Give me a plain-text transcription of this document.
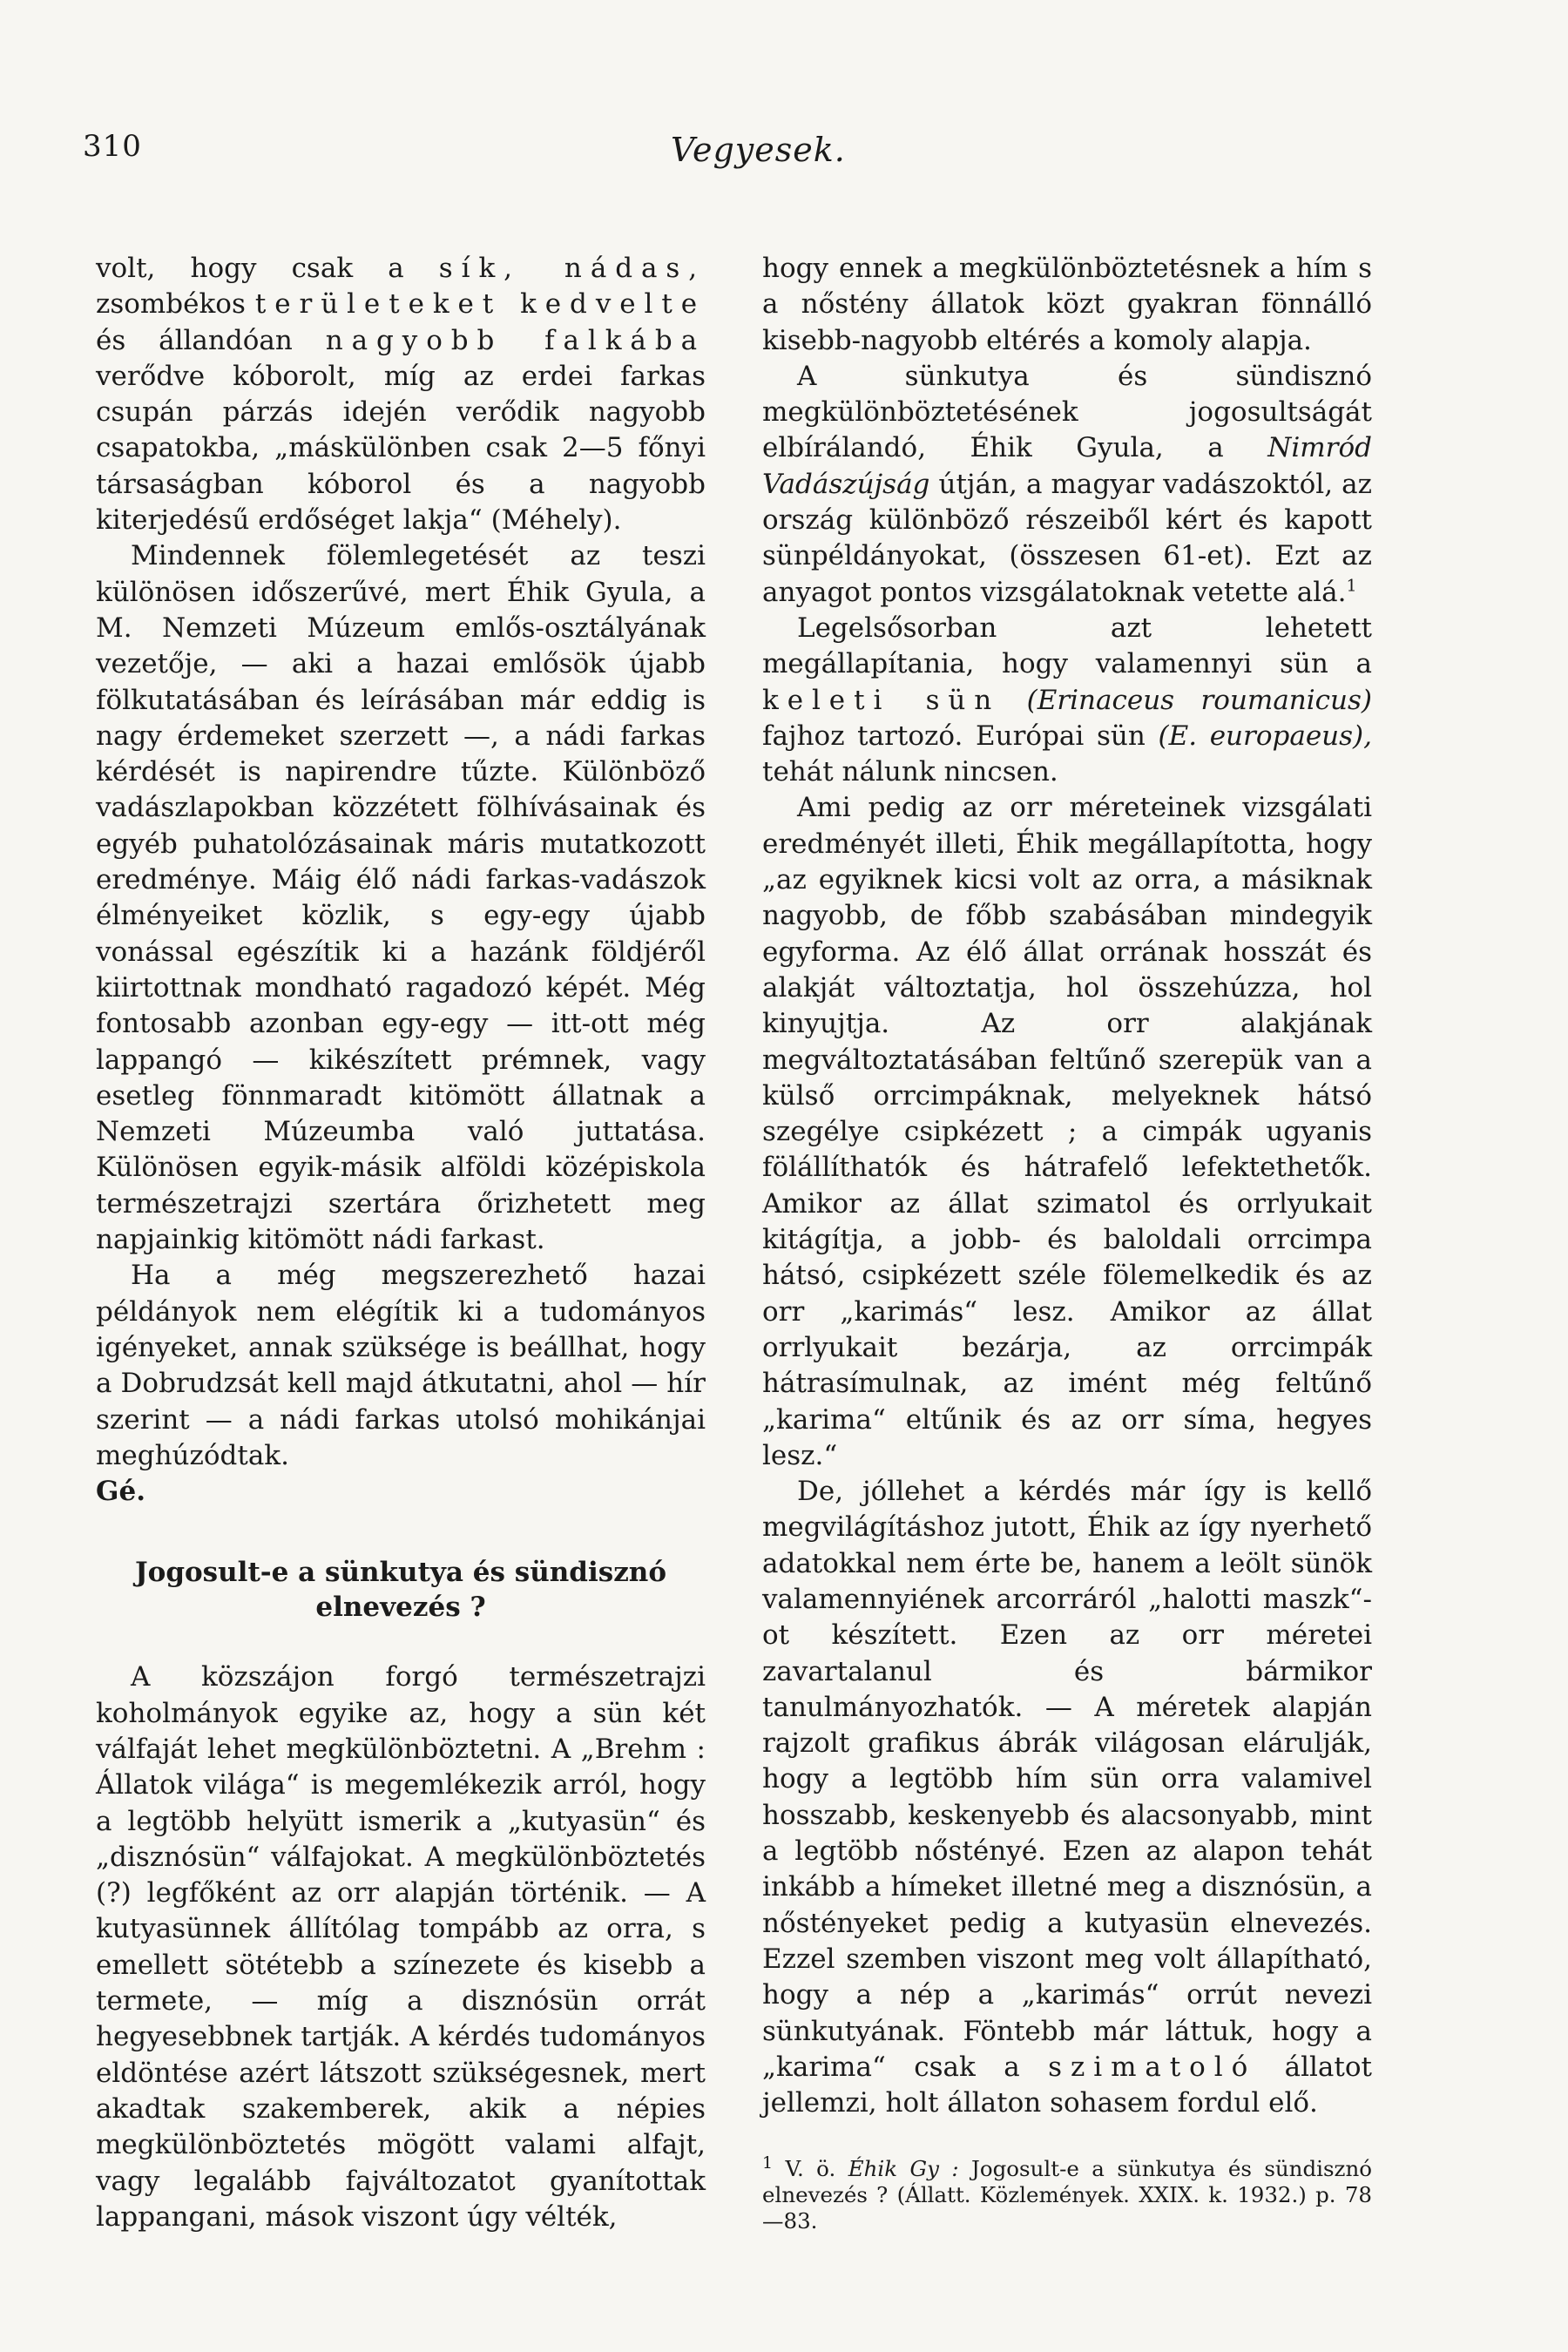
310	Vegyesek.

volt, hogy csak a sík, nádas, zsombékos területeket kedvelte és állandóan nagyobb falkába verődve kóborolt, míg az erdei farkas csupán párzás idején verődik nagyobb csapatokba, „máskülönben csak 2—5 főnyi társaságban kóborol és a nagyobb kiterjedésű erdőséget lakja“ (Méhely).

Mindennek fölemlegetését az teszi különösen időszerűvé, mert Éhik Gyula, a M. Nemzeti Múzeum emlős-osztályának vezetője, — aki a hazai emlősök újabb fölkutatásában és leírásában már eddig is nagy érdemeket szerzett —, a nádi farkas kérdését is napirendre tűzte. Különböző vadászlapokban közzétett fölhívásainak és egyéb puhatolózásainak máris mutatkozott eredménye. Máig élő nádi farkas-vadászok élményeiket közlik, s egy-egy újabb vonással egészítik ki a hazánk földjéről kiirtottnak mondható ragadozó képét. Még fontosabb azonban egy-egy — itt-ott még lappangó — kikészített prémnek, vagy esetleg fönnmaradt kitömött állatnak a Nemzeti Múzeumba való juttatása. Különösen egyik-másik alföldi középiskola természetrajzi szertára őrizhetett meg napjainkig kitömött nádi farkast.

Ha a még megszerezhető hazai példányok nem elégítik ki a tudományos igényeket, annak szüksége is beállhat, hogy a Dobrudzsát kell majd átkutatni, ahol — hír szerint — a nádi farkas utolsó mohikánjai meghúzódtak.

Gé.

Jogosult-e a sünkutya és sündisznó
elnevezés ?

A közszájon forgó természetrajzi koholmányok egyike az, hogy a sün két válfaját lehet megkülönböztetni. A „Brehm : Állatok világa“ is megemlékezik arról, hogy a legtöbb helyütt ismerik a „kutyasün“ és „disznósün“ válfajokat. A megkülönböztetés (?) legfőként az orr alapján történik. — A kutyasünnek állítólag tompább az orra, s emellett sötétebb a színezete és kisebb a termete, — míg a disznósün orrát hegyesebbnek tartják. A kérdés tudományos eldöntése azért látszott szükségesnek, mert akadtak szakemberek, akik a népies megkülönböztetés mögött valami alfajt, vagy legalább fajváltozatot gyanítottak lappangani, mások viszont úgy vélték,

hogy ennek a megkülönböztetésnek a hím s a nőstény állatok közt gyakran fönnálló kisebb-nagyobb eltérés a komoly alapja.

A sünkutya és sündisznó megkülönböztetésének jogosultságát elbírálandó, Éhik Gyula, a Nimród Vadászújság útján, a magyar vadászoktól, az ország különböző részeiből kért és kapott sünpéldányokat, (összesen 61-et). Ezt az anyagot pontos vizsgálatoknak vetette alá.$^1$

Legelsősorban azt lehetett megállapítania, hogy valamennyi sün a keleti sün (Erinaceus roumanicus) fajhoz tartozó. Európai sün (E. europaeus), tehát nálunk nincsen.

Ami pedig az orr méreteinek vizsgálati eredményét illeti, Éhik megállapította, hogy „az egyiknek kicsi volt az orra, a másiknak nagyobb, de főbb szabásában mindegyik egyforma. Az élő állat orrának hosszát és alakját változtatja, hol összehúzza, hol kinyujtja. Az orr alakjának megváltoztatásában feltűnő szerepük van a külső orrcimpáknak, melyeknek hátsó szegélye csipkézett ; a cimpák ugyanis fölállíthatók és hátrafelő lefektethetők. Amikor az állat szimatol és orrlyukait kitágítja, a jobb- és baloldali orrcimpa hátsó, csipkézett széle fölemelkedik és az orr „karimás“ lesz. Amikor az állat orrlyukait bezárja, az orrcimpák hátrasímulnak, az imént még feltűnő „karima“ eltűnik és az orr síma, hegyes lesz.“

De, jóllehet a kérdés már így is kellő megvilágításhoz jutott, Éhik az így nyerhető adatokkal nem érte be, hanem a leölt sünök valamennyiének arcorráról „halotti maszk“-ot készített. Ezen az orr méretei zavartalanul és bármikor tanulmányozhatók. — A méretek alapján rajzolt grafikus ábrák világosan elárulják, hogy a legtöbb hím sün orra valamivel hosszabb, keskenyebb és alacsonyabb, mint a legtöbb nőstényé. Ezen az alapon tehát inkább a hímeket illetné meg a disznósün, a nőstényeket pedig a kutyasün elnevezés. Ezzel szemben viszont meg volt állapítható, hogy a nép a „karimás“ orrút nevezi sünkutyának. Föntebb már láttuk, hogy a „karima“ csak a szimatoló állatot jellemzi, holt állaton sohasem fordul elő.

$^1$ V. ö. Éhik Gy : Jogosult-e a sünkutya és sündisznó elnevezés ? (Állatt. Közlemények. XXIX. k. 1932.) p. 78—83.
